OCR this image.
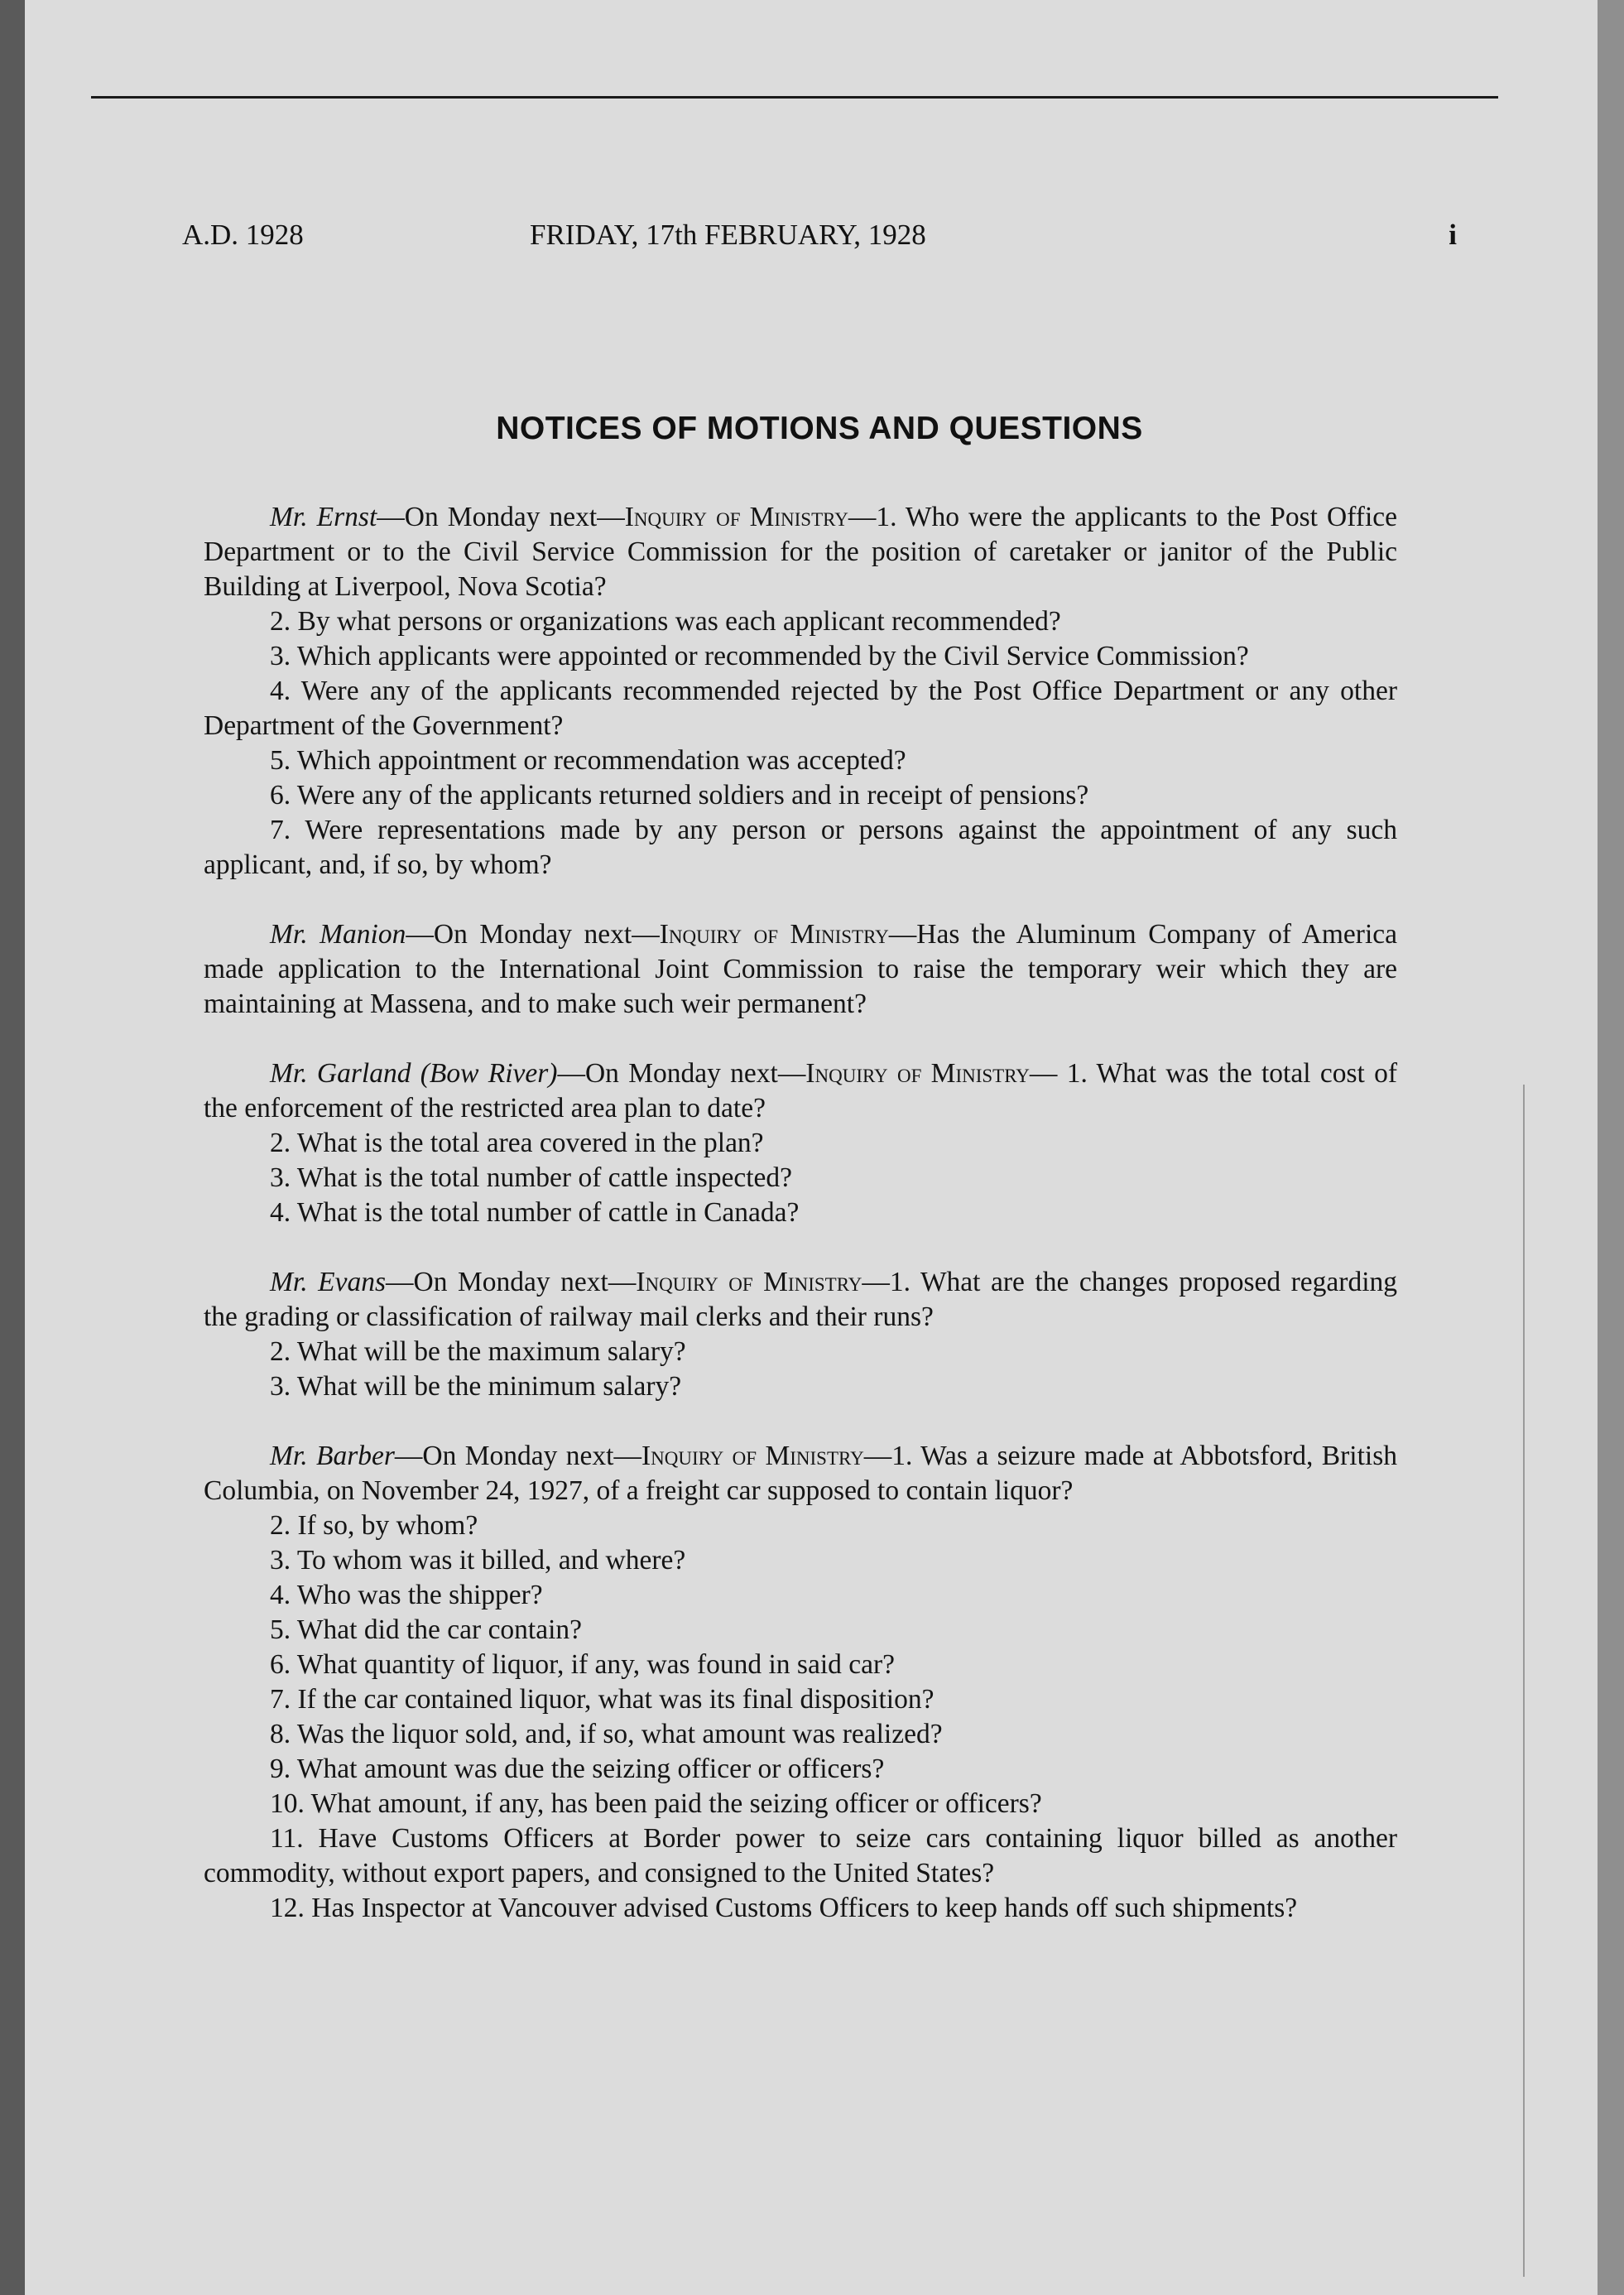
A.D. 1928	FRIDAY, 17th FEBRUARY, 1928	i
NOTICES OF MOTIONS AND QUESTIONS

Mr. Ernst—On Monday next—Inquiry of Ministry—1. Who were the applicants to the Post Office Department or to the Civil Service Commission for the position of caretaker or janitor of the Public Building at Liverpool, Nova Scotia?

2. By what persons or organizations was each applicant recommended?

3. Which applicants were appointed or recommended by the Civil Service Commission?

4. Were any of the applicants recommended rejected by the Post Office Department or any other Department of the Government?

5. Which appointment or recommendation was accepted?

6. Were any of the applicants returned soldiers and in receipt of pensions?

7. Were representations made by any person or persons against the appointment of any such applicant, and, if so, by whom?

Mr. Manion—On Monday next—Inquiry of Ministry—Has the Aluminum Company of America made application to the International Joint Commission to raise the temporary weir which they are maintaining at Massena, and to make such weir permanent?

Mr. Garland (Bow River)—On Monday next—Inquiry of Ministry— 1. What was the total cost of the enforcement of the restricted area plan to date?

2. What is the total area covered in the plan?

3. What is the total number of cattle inspected?

4. What is the total number of cattle in Canada?

Mr. Evans—On Monday next—Inquiry of Ministry—1. What are the changes proposed regarding the grading or classification of railway mail clerks and their runs?

2. What will be the maximum salary?

3. What will be the minimum salary?

Mr. Barber—On Monday next—Inquiry of Ministry—1. Was a seizure made at Abbotsford, British Columbia, on November 24, 1927, of a freight car supposed to contain liquor?

2. If so, by whom?

3. To whom was it billed, and where?

4. Who was the shipper?

5. What did the car contain?

6. What quantity of liquor, if any, was found in said car?

7. If the car contained liquor, what was its final disposition?

8. Was the liquor sold, and, if so, what amount was realized?

9. What amount was due the seizing officer or officers?

10. What amount, if any, has been paid the seizing officer or officers?

11. Have Customs Officers at Border power to seize cars containing liquor billed as another commodity, without export papers, and consigned to the United States?

12. Has Inspector at Vancouver advised Customs Officers to keep hands off such shipments?
